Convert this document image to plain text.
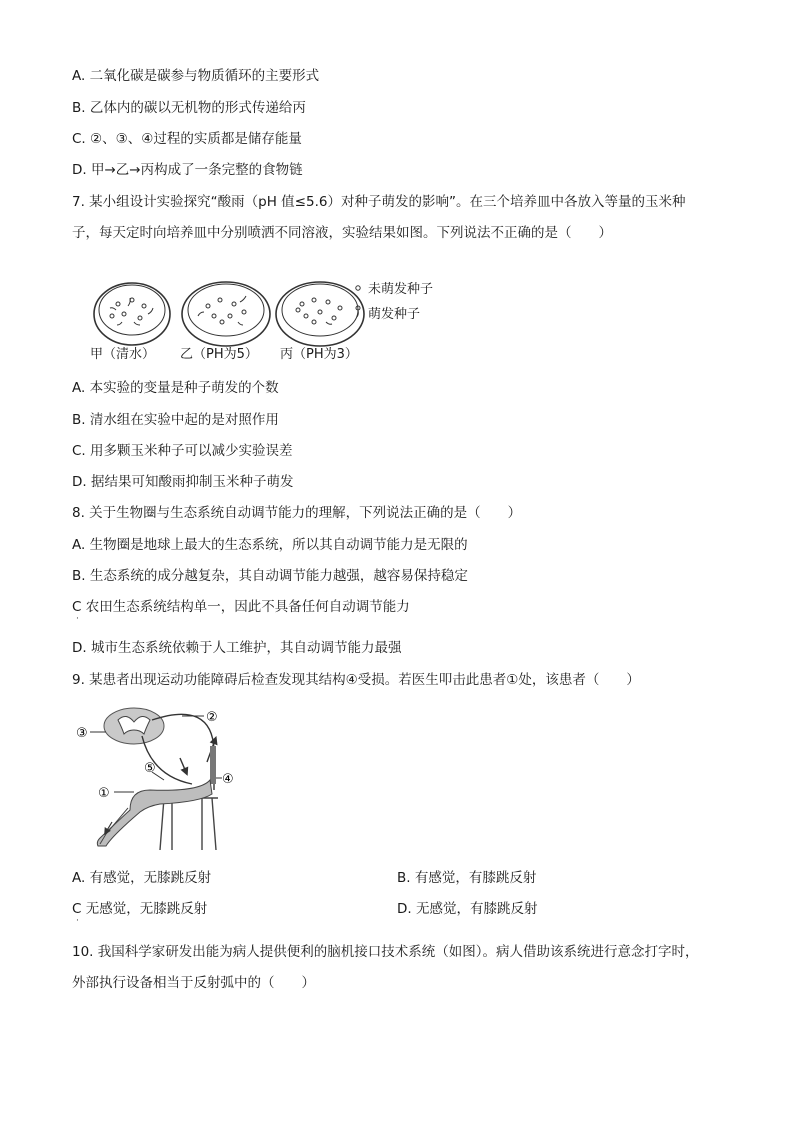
A. 二氧化碳是碳参与物质循环的主要形式
B. 乙体内的碳以无机物的形式传递给丙
C. ②、③、④过程的实质都是储存能量
D. 甲→乙→丙构成了一条完整的食物链
7. 某小组设计实验探究“酸雨（pH 值≤5.6）对种子萌发的影响”。在三个培养皿中各放入等量的玉米种
子，每天定时向培养皿中分别喷洒不同溶液，实验结果如图。下列说法不正确的是（　　）
甲（清水） 乙（PH为5） 丙（PH为3）
未萌发种子
萌发种子
A. 本实验的变量是种子萌发的个数
B. 清水组在实验中起的是对照作用
C. 用多颗玉米种子可以减少实验误差
D. 据结果可知酸雨抑制玉米种子萌发
8. 关于生物圈与生态系统自动调节能力的理解，下列说法正确的是（　　）
A. 生物圈是地球上最大的生态系统，所以其自动调节能力是无限的
B. 生态系统的成分越复杂，其自动调节能力越强，越容易保持稳定
C 农田生态系统结构单一，因此不具备任何自动调节能力
·
D. 城市生态系统依赖于人工维护，其自动调节能力最强
9. 某患者出现运动功能障碍后检查发现其结构④受损。若医生叩击此患者①处，该患者（　　）
③
②
④
⑤
①
A. 有感觉，无膝跳反射	B. 有感觉，有膝跳反射
C 无感觉，无膝跳反射	D. 无感觉，有膝跳反射
·
10. 我国科学家研发出能为病人提供便利的脑机接口技术系统（如图）。病人借助该系统进行意念打字时，
外部执行设备相当于反射弧中的（　　）
